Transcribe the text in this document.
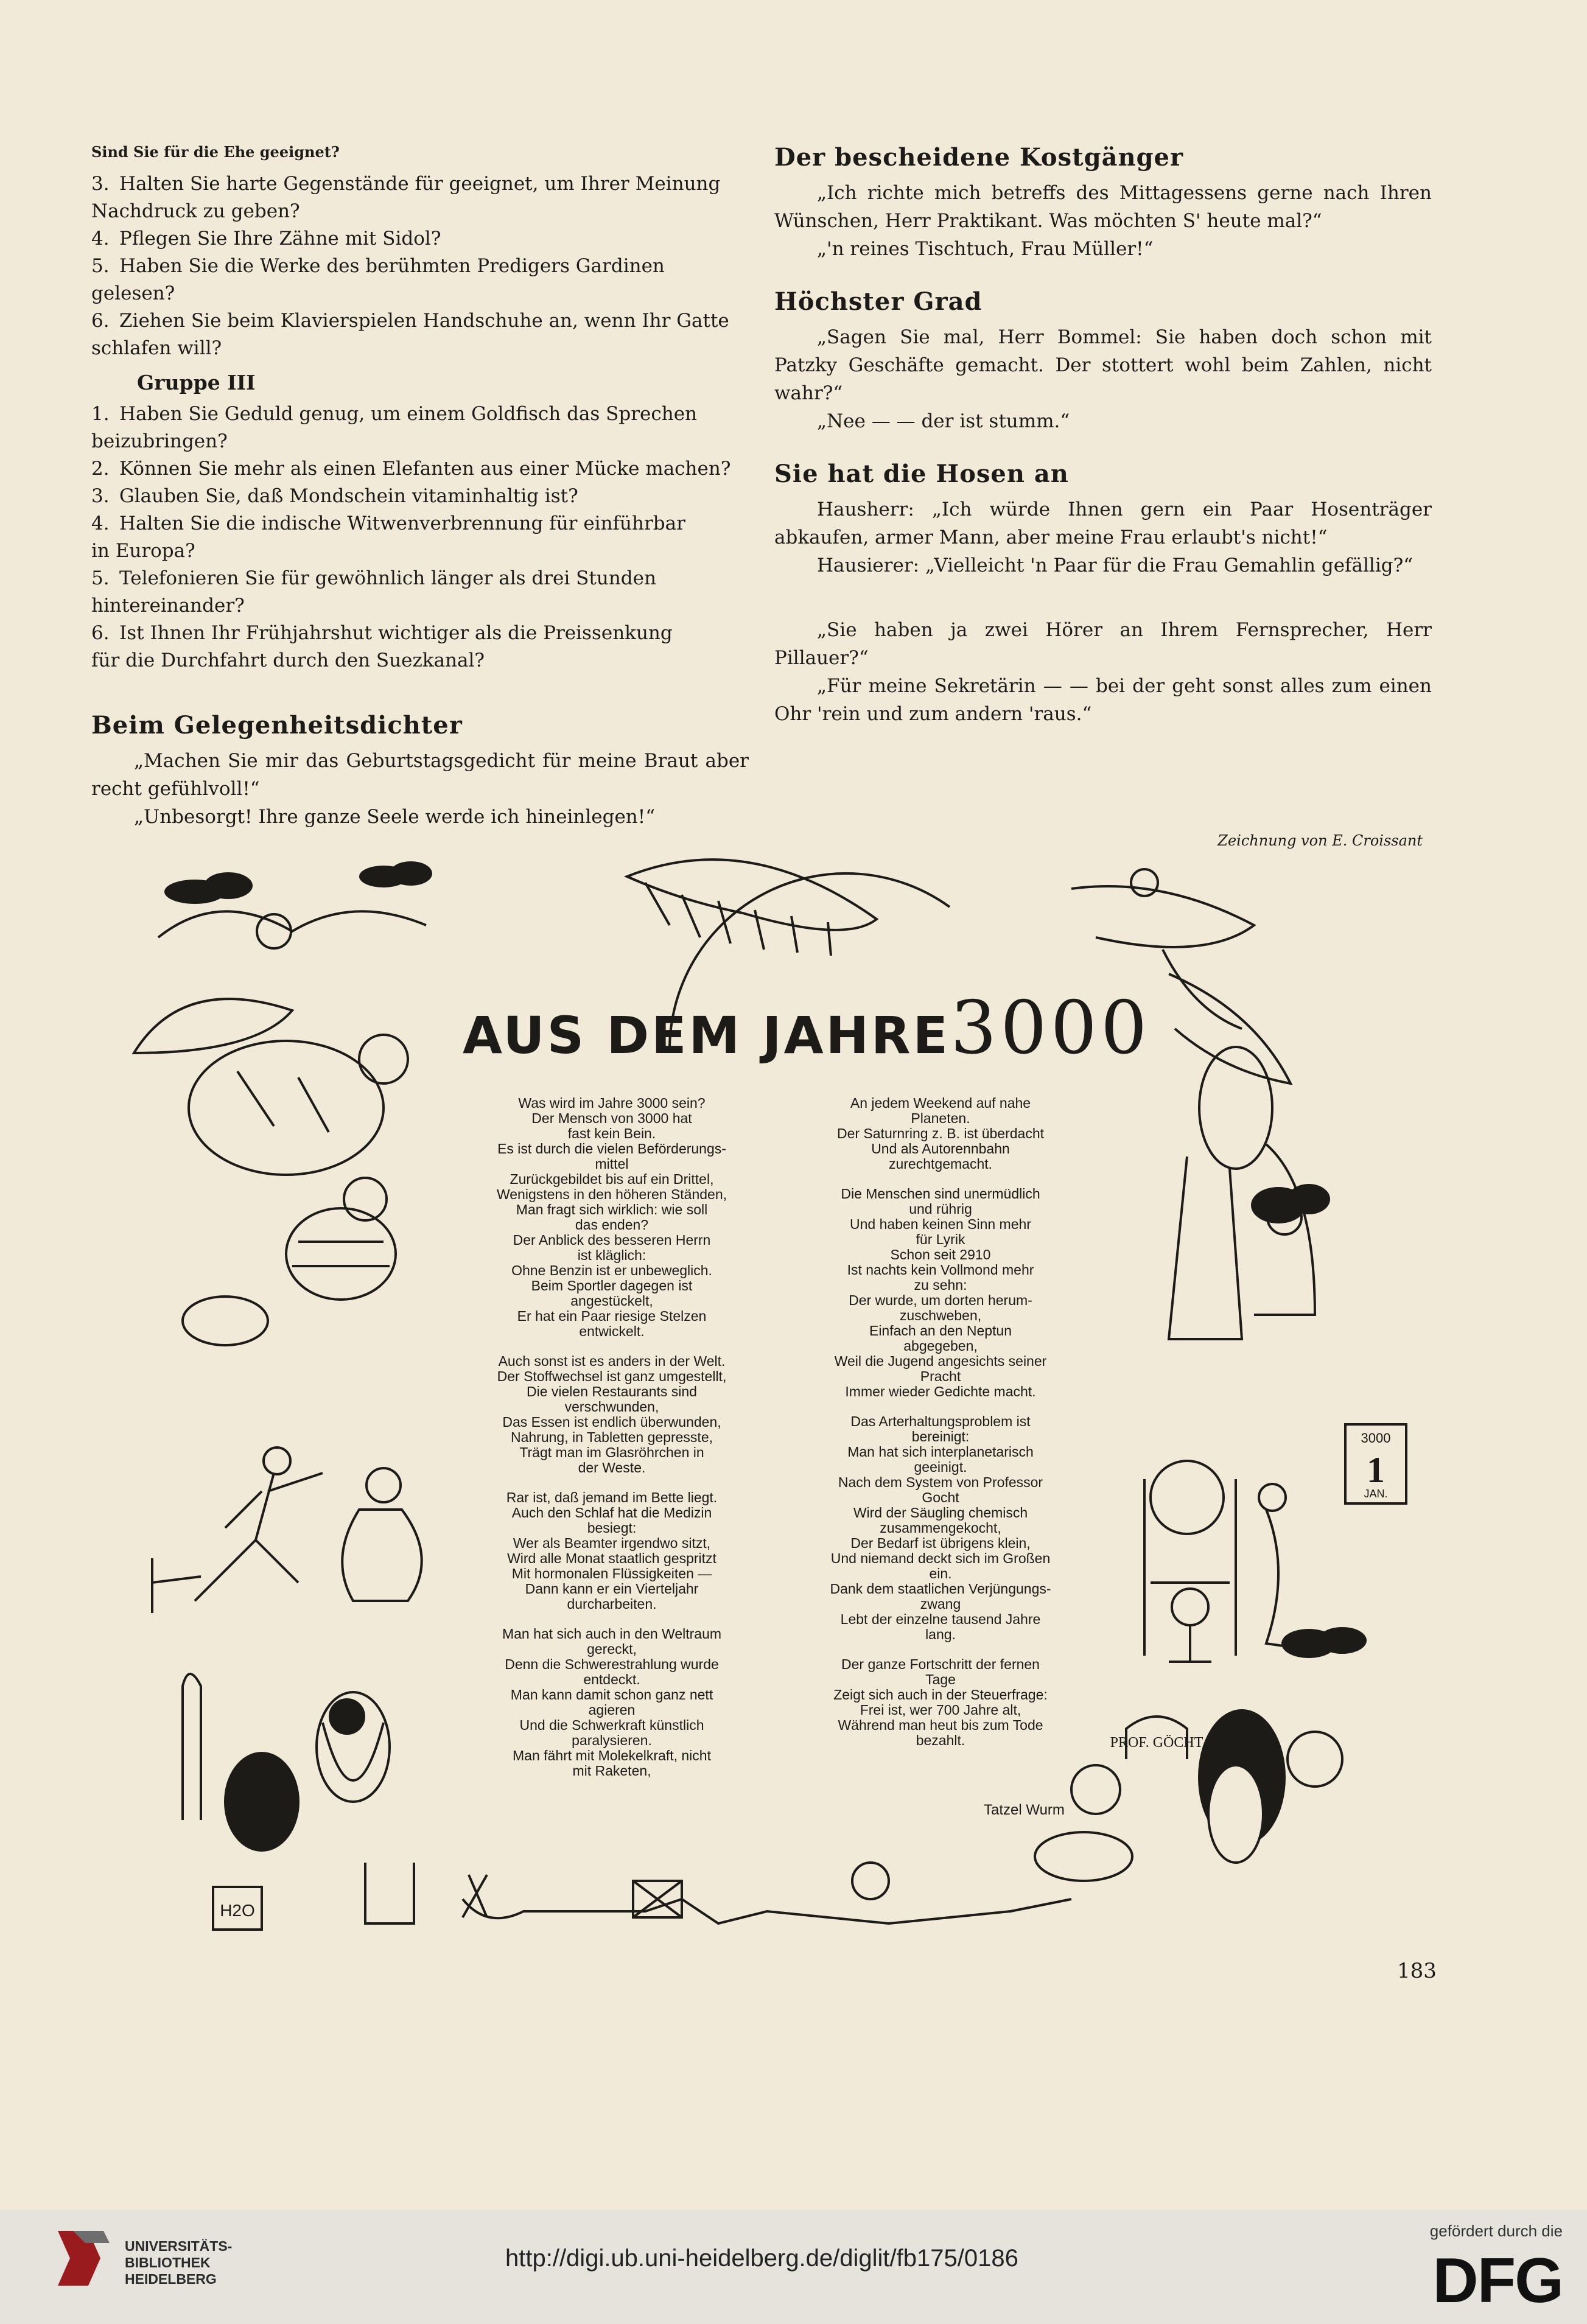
Sind Sie für die Ehe geeignet?
3. Halten Sie harte Gegenstände für geeignet, um Ihrer Meinung
Nachdruck zu geben?
4. Pflegen Sie Ihre Zähne mit Sidol?
5. Haben Sie die Werke des berühmten Predigers Gardinen gelesen?
6. Ziehen Sie beim Klavierspielen Handschuhe an, wenn Ihr Gatte
schlafen will?
Gruppe III
1. Haben Sie Geduld genug, um einem Goldfisch das Sprechen
beizubringen?
2. Können Sie mehr als einen Elefanten aus einer Mücke machen?
3. Glauben Sie, daß Mondschein vitaminhaltig ist?
4. Halten Sie die indische Witwenverbrennung für einführbar
in Europa?
5. Telefonieren Sie für gewöhnlich länger als drei Stunden
hintereinander?
6. Ist Ihnen Ihr Frühjahrshut wichtiger als die Preissenkung
für die Durchfahrt durch den Suezkanal?
Beim Gelegenheitsdichter
„Machen Sie mir das Geburtstagsgedicht für meine Braut aber recht gefühlvoll!“
„Unbesorgt! Ihre ganze Seele werde ich hineinlegen!“
Der bescheidene Kostgänger
„Ich richte mich betreffs des Mittagessens gerne nach Ihren Wünschen, Herr Praktikant. Was möchten S' heute mal?“
„'n reines Tischtuch, Frau Müller!“
Höchster Grad
„Sagen Sie mal, Herr Bommel: Sie haben doch schon mit Patzky Geschäfte gemacht. Der stottert wohl beim Zahlen, nicht wahr?“
„Nee — — der ist stumm.“
Sie hat die Hosen an
Hausherr: „Ich würde Ihnen gern ein Paar Hosenträger abkaufen, armer Mann, aber meine Frau erlaubt's nicht!“
Hausierer: „Vielleicht 'n Paar für die Frau Gemahlin gefällig?“
„Sie haben ja zwei Hörer an Ihrem Fernsprecher, Herr Pillauer?“
„Für meine Sekretärin — — bei der geht sonst alles zum einen Ohr 'rein und zum andern 'raus.“
Zeichnung von E. Croissant
3000
1
JAN.
H2O
PROF. GÖCHT
AUS DEM JAHRE3000
Was wird im Jahre 3000 sein?
Der Mensch von 3000 hat
fast kein Bein.
Es ist durch die vielen Beförderungs-
mittel
Zurückgebildet bis auf ein Drittel,
Wenigstens in den höheren Ständen,
Man fragt sich wirklich: wie soll
das enden?
Der Anblick des besseren Herrn
ist kläglich:
Ohne Benzin ist er unbeweglich.
Beim Sportler dagegen ist
angestückelt,
Er hat ein Paar riesige Stelzen
entwickelt.
Auch sonst ist es anders in der Welt.
Der Stoffwechsel ist ganz umgestellt,
Die vielen Restaurants sind
verschwunden,
Das Essen ist endlich überwunden,
Nahrung, in Tabletten gepresste,
Trägt man im Glasröhrchen in
der Weste.
Rar ist, daß jemand im Bette liegt.
Auch den Schlaf hat die Medizin
besiegt:
Wer als Beamter irgendwo sitzt,
Wird alle Monat staatlich gespritzt
Mit hormonalen Flüssigkeiten —
Dann kann er ein Vierteljahr
durcharbeiten.
Man hat sich auch in den Weltraum
gereckt,
Denn die Schwerestrahlung wurde
entdeckt.
Man kann damit schon ganz nett
agieren
Und die Schwerkraft künstlich
paralysieren.
Man fährt mit Molekelkraft, nicht
mit Raketen,
An jedem Weekend auf nahe
Planeten.
Der Saturnring z. B. ist überdacht
Und als Autorennbahn
zurechtgemacht.
Die Menschen sind unermüdlich
und rührig
Und haben keinen Sinn mehr
für Lyrik
Schon seit 2910
Ist nachts kein Vollmond mehr
zu sehn:
Der wurde, um dorten herum-
zuschweben,
Einfach an den Neptun
abgegeben,
Weil die Jugend angesichts seiner
Pracht
Immer wieder Gedichte macht.
Das Arterhaltungsproblem ist
bereinigt:
Man hat sich interplanetarisch
geeinigt.
Nach dem System von Professor
Gocht
Wird der Säugling chemisch
zusammengekocht,
Der Bedarf ist übrigens klein,
Und niemand deckt sich im Großen
ein.
Dank dem staatlichen Verjüngungs-
zwang
Lebt der einzelne tausend Jahre
lang.
Der ganze Fortschritt der fernen
Tage
Zeigt sich auch in der Steuerfrage:
Frei ist, wer 700 Jahre alt,
Während man heut bis zum Tode
bezahlt.
Tatzel Wurm
183
UNIVERSITÄTS-
BIBLIOTHEK
HEIDELBERG
http://digi.ub.uni-heidelberg.de/diglit/fb175/0186
gefördert durch die
DFG
